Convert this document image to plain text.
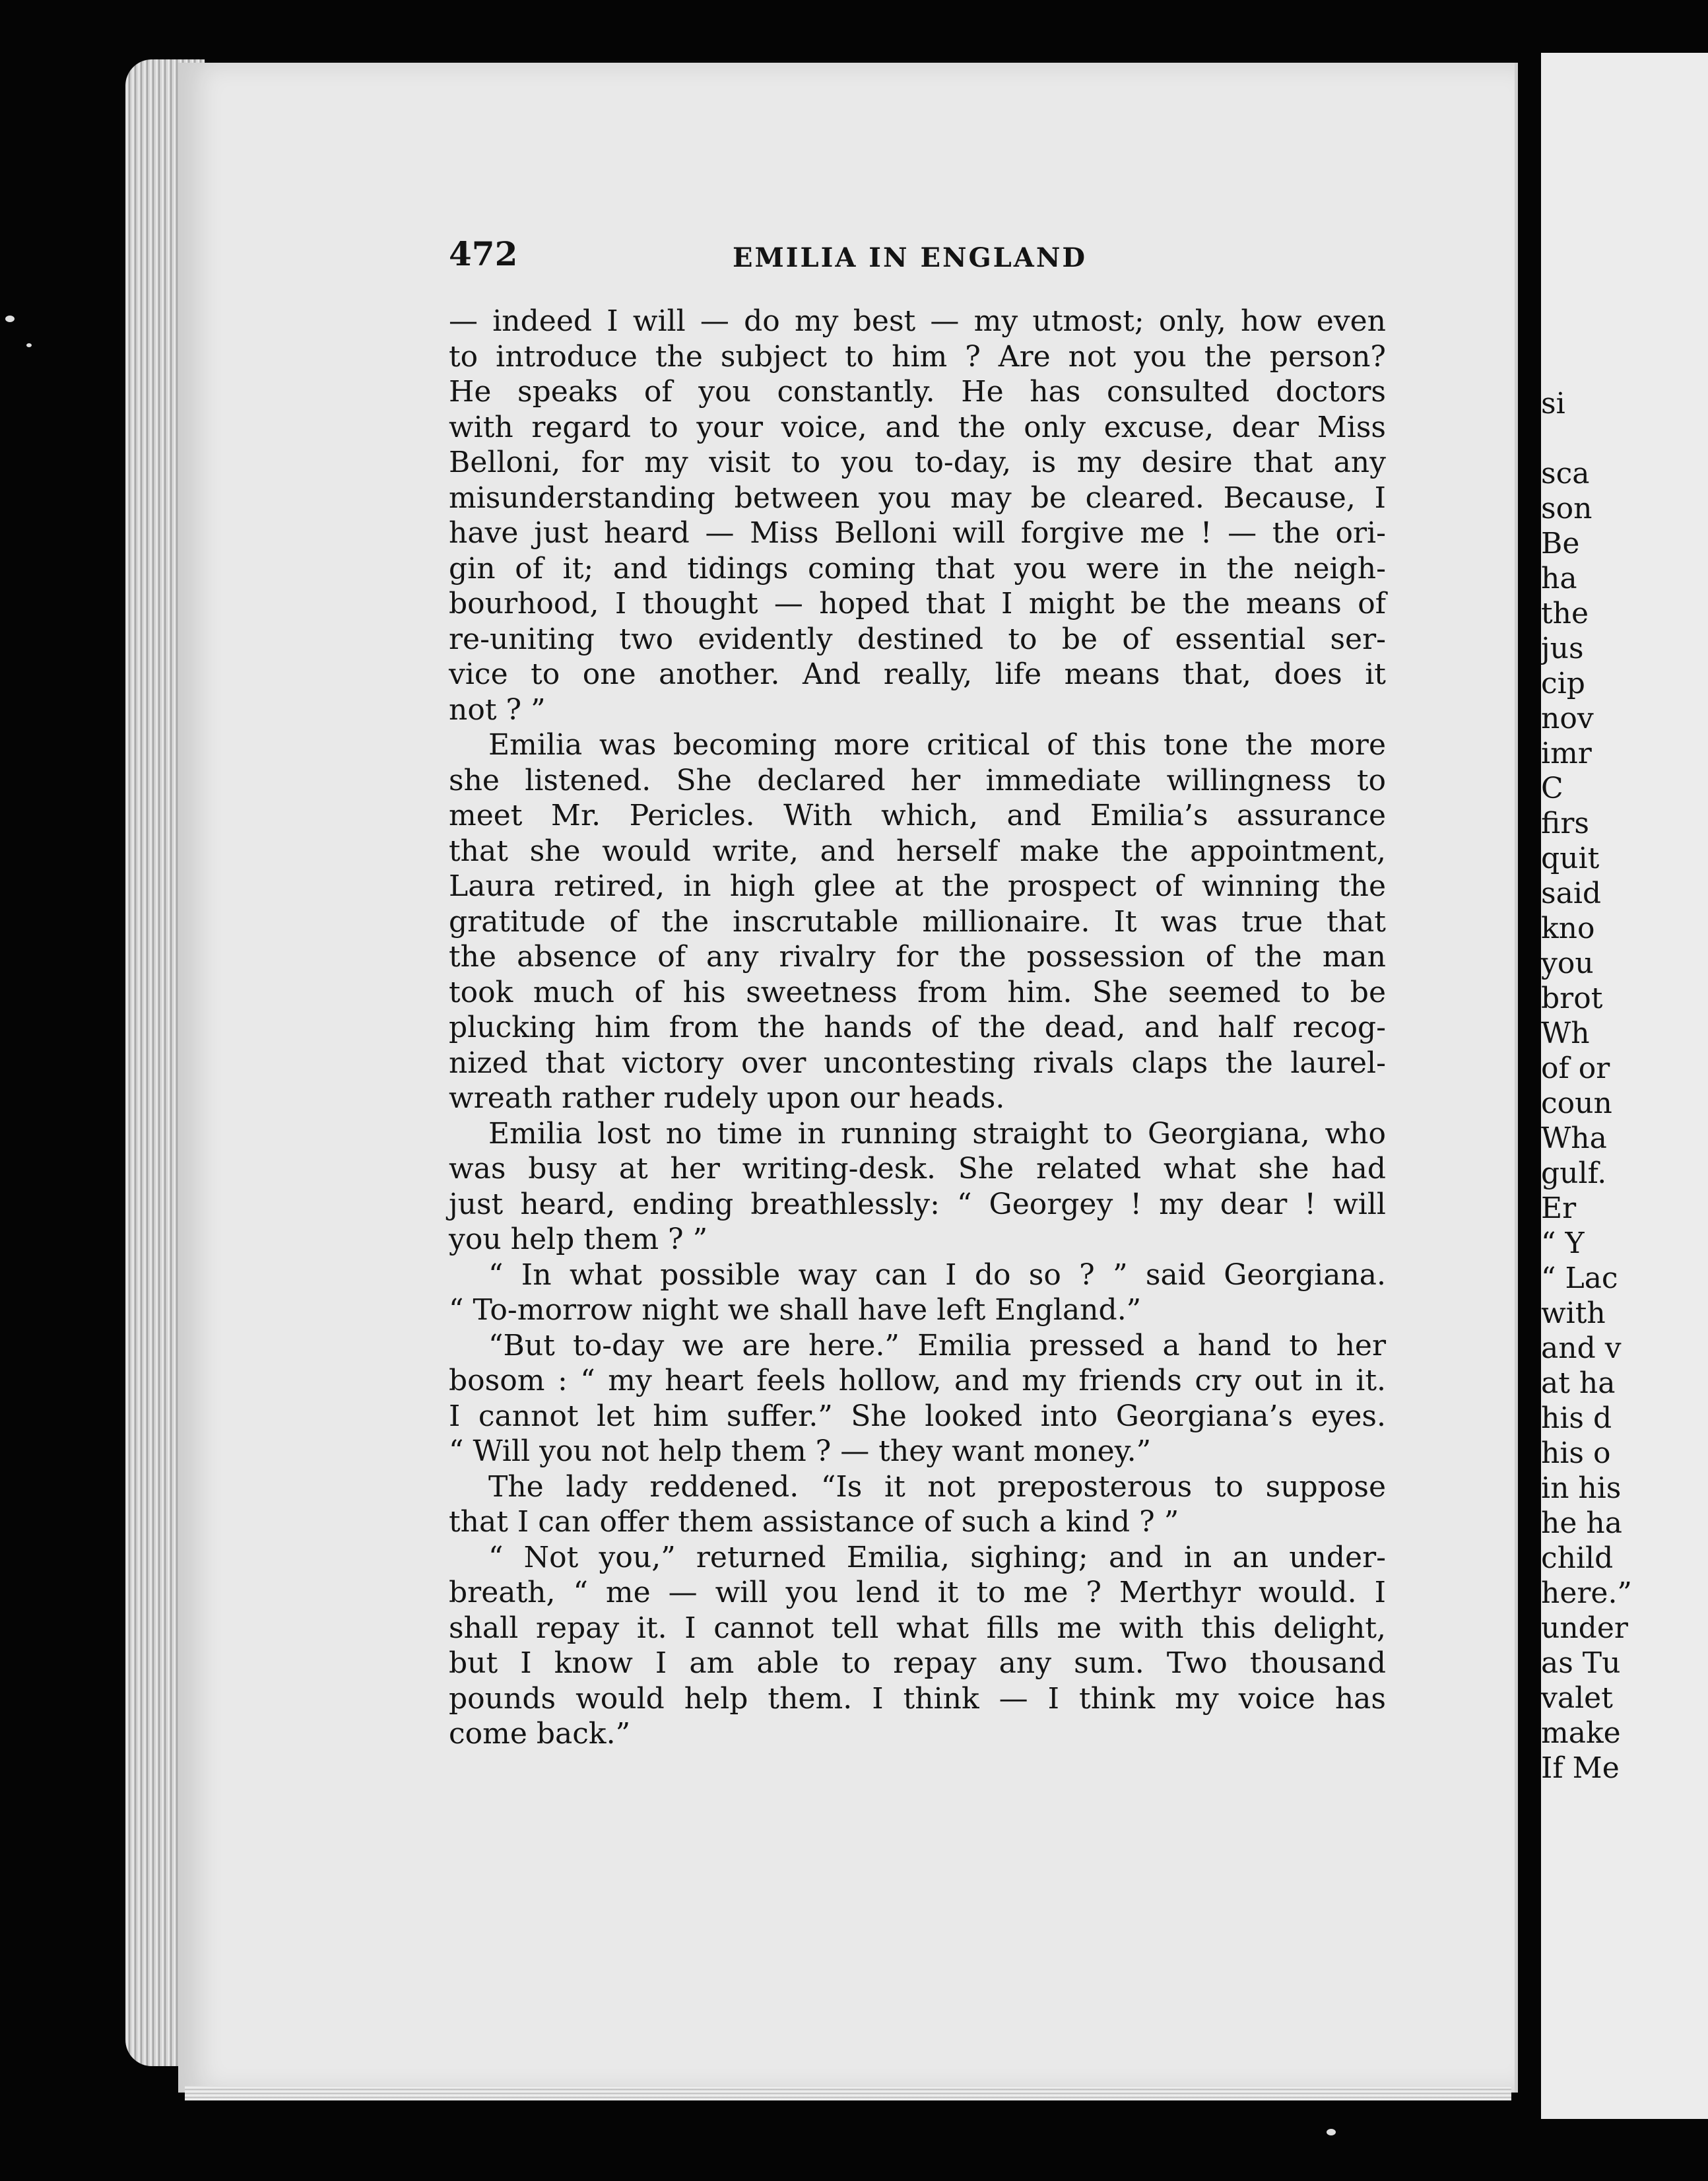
si
sca
son
Be
ha
the
jus
cip
nov
imr
C
firs
quit
said
kno
you
brot
Wh
of or
coun
Wha
gulf.
Er
“ Y
“ Lac
with
and v
at ha
his d
his o
in his
he ha
child
here.”
under
as Tu
valet
make
If Me
472	EMILIA IN ENGLAND
— indeed I will — do my best — my utmost; only, how even
to introduce the subject to him ? Are not you the person?
He speaks of you constantly. He has consulted doctors
with regard to your voice, and the only excuse, dear Miss
Belloni, for my visit to you to-day, is my desire that any
misunderstanding between you may be cleared. Because, I
have just heard — Miss Belloni will forgive me ! — the ori-
gin of it; and tidings coming that you were in the neigh-
bourhood, I thought — hoped that I might be the means of
re-uniting two evidently destined to be of essential ser-
vice to one another. And really, life means that, does it
not ? ”
Emilia was becoming more critical of this tone the more
she listened. She declared her immediate willingness to
meet Mr. Pericles. With which, and Emilia’s assurance
that she would write, and herself make the appointment,
Laura retired, in high glee at the prospect of winning the
gratitude of the inscrutable millionaire. It was true that
the absence of any rivalry for the possession of the man
took much of his sweetness from him. She seemed to be
plucking him from the hands of the dead, and half recog-
nized that victory over uncontesting rivals claps the laurel-
wreath rather rudely upon our heads.
Emilia lost no time in running straight to Georgiana, who
was busy at her writing-desk. She related what she had
just heard, ending breathlessly: “ Georgey ! my dear ! will
you help them ? ”
“ In what possible way can I do so ? ” said Georgiana.
“ To-morrow night we shall have left England.”
“But to-day we are here.” Emilia pressed a hand to her
bosom : “ my heart feels hollow, and my friends cry out in it.
I cannot let him suffer.” She looked into Georgiana’s eyes.
“ Will you not help them ? — they want money.”
The lady reddened. “Is it not preposterous to suppose
that I can offer them assistance of such a kind ? ”
“ Not you,” returned Emilia, sighing; and in an under-
breath, “ me — will you lend it to me ? Merthyr would. I
shall repay it. I cannot tell what fills me with this delight,
but I know I am able to repay any sum. Two thousand
pounds would help them. I think — I think my voice has
come back.”
